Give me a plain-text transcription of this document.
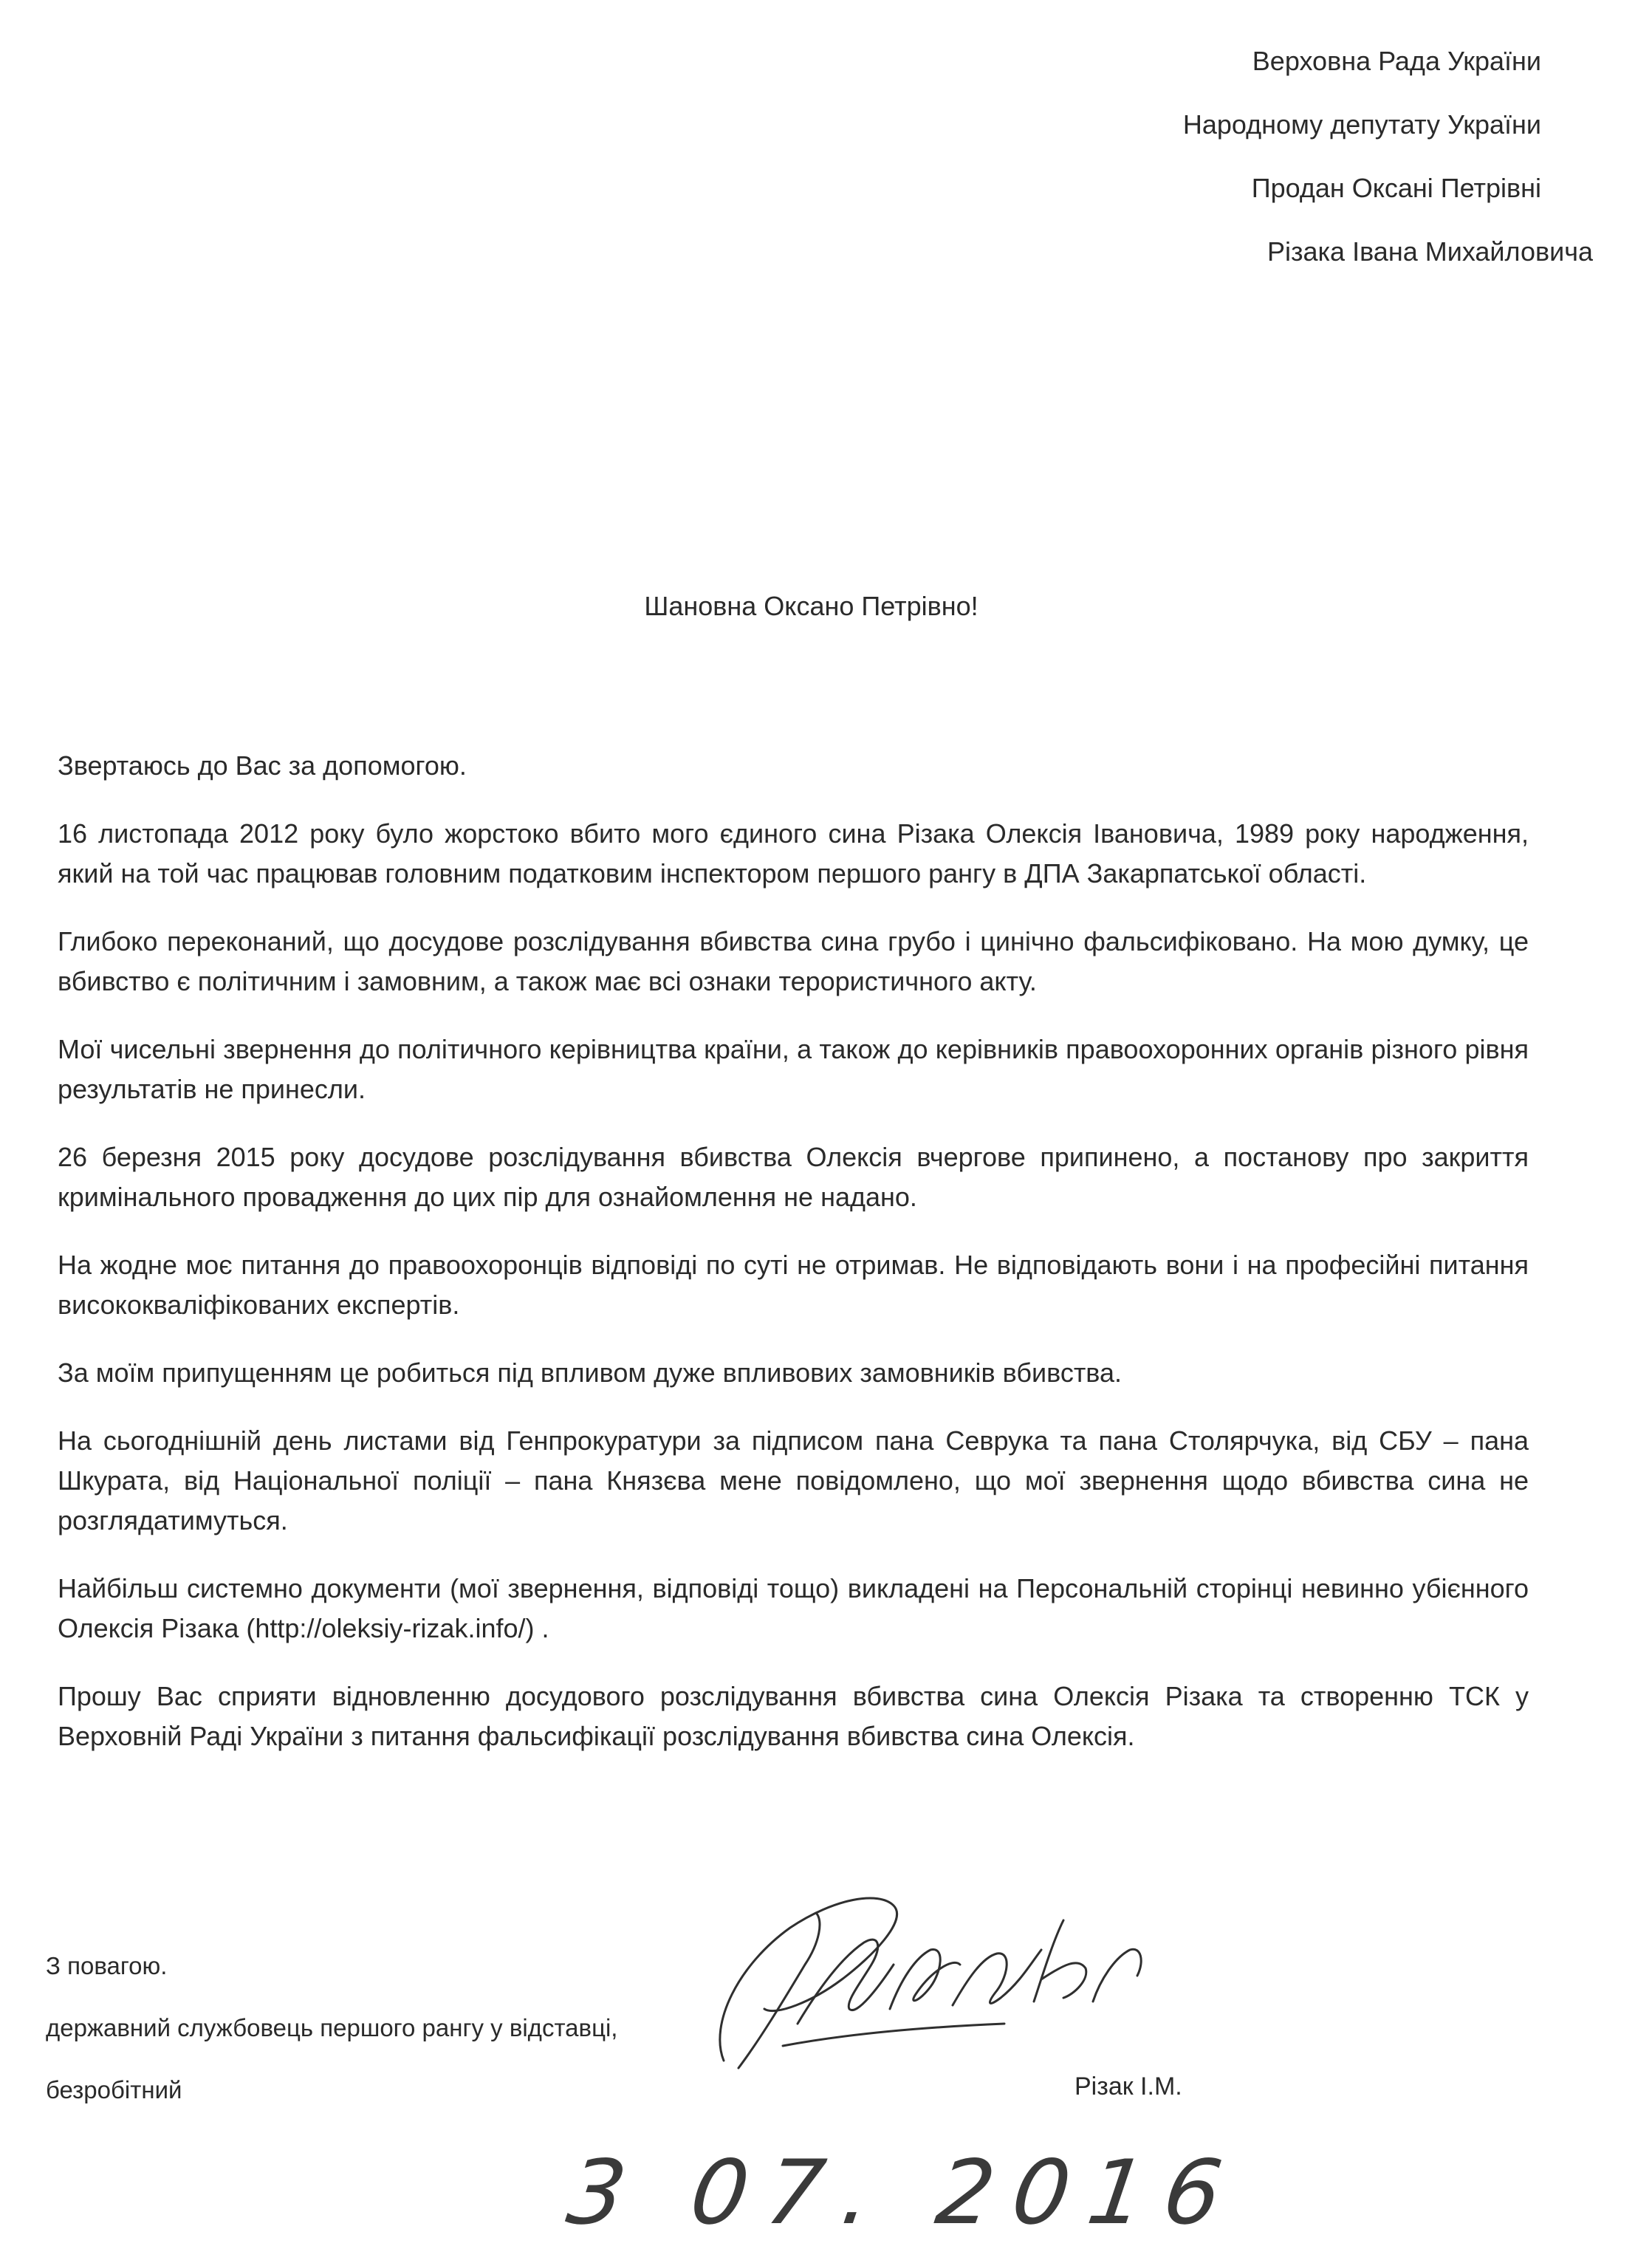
Верховна Рада України
Народному депутату України
Продан Оксані Петрівні
Різака Івана Михайловича
Шановна Оксано Петрівно!

Звертаюсь до Вас за допомогою.

16 листопада 2012 року було жорстоко вбито мого єдиного сина Різака Олексія Івановича, 1989 року народження, який на той час працював головним податковим інспектором першого рангу в ДПА Закарпатської області.

Глибоко переконаний, що досудове розслідування вбивства сина грубо і цинічно фальсифіковано. На мою думку, це вбивство є політичним і замовним, а також має всі ознаки терористичного акту.

Мої чисельні звернення до політичного керівництва країни, а також до керівників правоохоронних органів різного рівня результатів не принесли.

26 березня 2015 року досудове розслідування вбивства Олексія вчергове припинено, а постанову про закриття кримінального провадження до цих пір для ознайомлення не надано.

На жодне моє питання до правоохоронців відповіді по суті не отримав. Не відповідають вони і на професійні питання висококваліфікованих експертів.

За моїм припущенням це робиться під впливом дуже впливових замовників вбивства.

На сьогоднішній день листами від Генпрокуратури за підписом пана Севрука та пана Столярчука, від СБУ – пана Шкурата, від Національної поліції – пана Князєва мене повідомлено, що мої звернення щодо вбивства сина не розглядатимуться.

Найбільш системно документи (мої звернення, відповіді тощо) викладені на Персональній сторінці невинно убієнного Олексія Різака (http://oleksiy-rizak.info/) .

Прошу Вас сприяти відновленню досудового розслідування вбивства сина Олексія Різака та створенню ТСК у Верховній Раді України з питання фальсифікації розслідування вбивства сина Олексія.

З повагою.
державний службовець першого рангу у відставці,
безробітний	Різак І.М.
3 07. 2016
